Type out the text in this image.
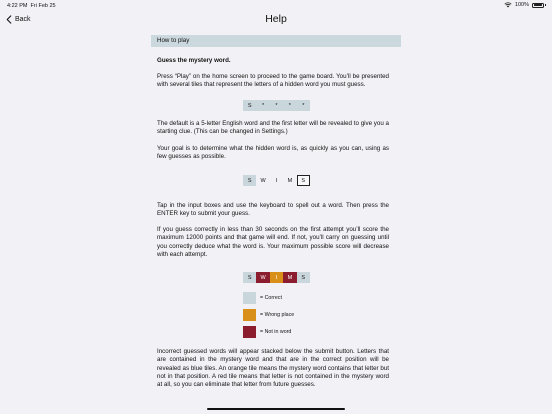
4:22 PM Fri Feb 25	100%
Back	Help
How to play

Guess the mystery word.

Press “Play” on the home screen to proceed to the game board. You’ll be presented with several tiles that represent the letters of a hidden word you must guess.

S	*	*	*	*

The default is a 5-letter English word and the first letter will be revealed to give you a starting clue. (This can be changed in Settings.)

Your goal is to determine what the hidden word is, as quickly as you can, using as few guesses as possible.

S	W	I	M	S

Tap in the input boxes and use the keyboard to spell out a word. Then press the ENTER key to submit your guess.

If you guess correctly in less than 30 seconds on the first attempt you’ll score the maximum 12000 points and that game will end. If not, you’ll carry on guessing until you correctly deduce what the word is. Your maximum possible score will decrease with each attempt.

S	W	I	M	S
= Correct
= Wrong place
= Not in word

Incorrect guessed words will appear stacked below the submit button. Letters that are contained in the mystery word and that are in the correct position will be revealed as blue tiles. An orange tile means the mystery word contains that letter but not in that position. A red tile means that letter is not contained in the mystery word at all, so you can eliminate that letter from future guesses.
